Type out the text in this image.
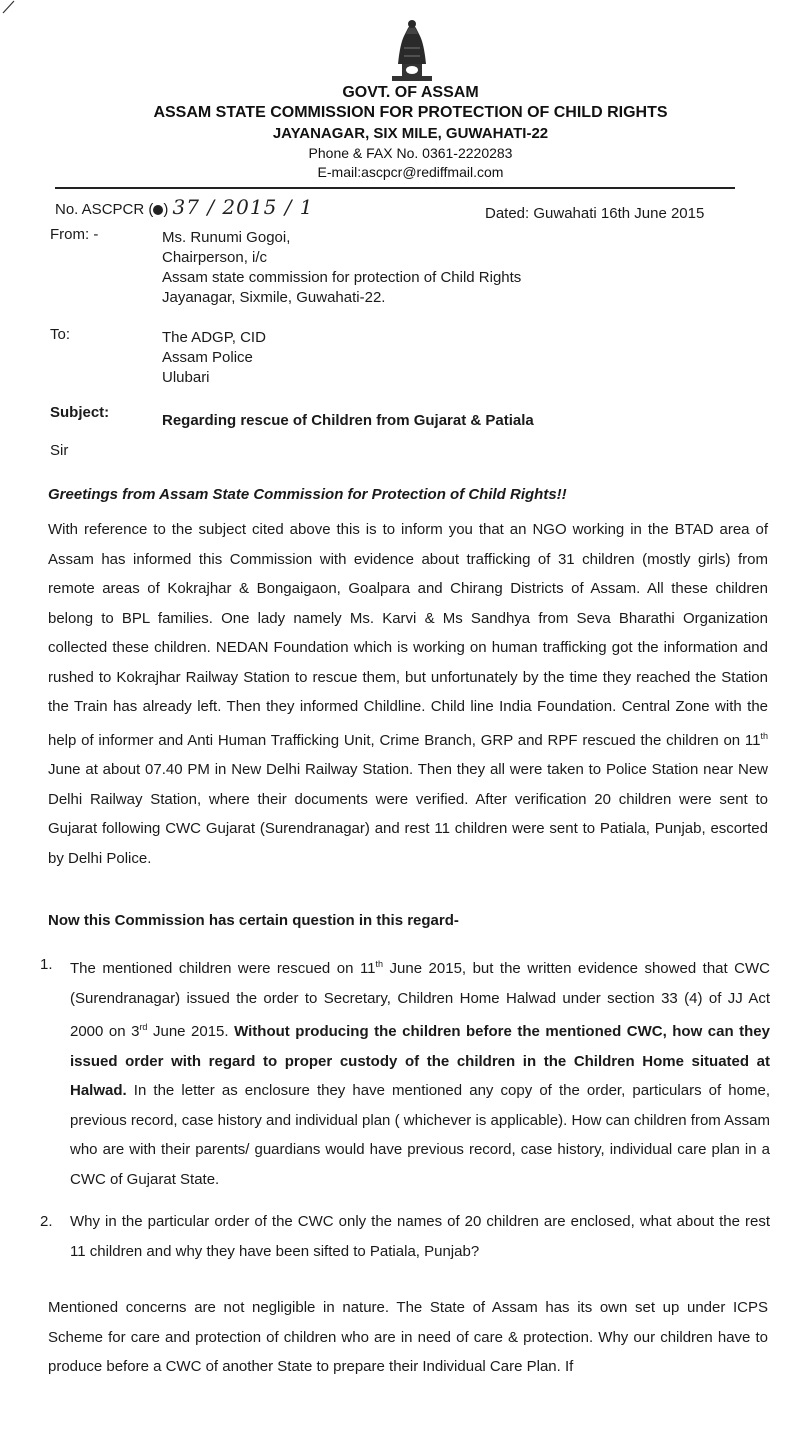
GOVT. OF ASSAM
ASSAM STATE COMMISSION FOR PROTECTION OF CHILD RIGHTS
JAYANAGAR, SIX MILE, GUWAHATI-22
Phone & FAX No. 0361-2220283
E-mail:ascpcr@rediffmail.com
No. ASCPCR ( ) 37 / 2015 / 1	Dated: Guwahati 16th June 2015
From: -	Ms. Runumi Gogoi,
Chairperson, i/c
Assam state commission for protection of Child Rights
Jayanagar, Sixmile, Guwahati-22.
To:	The ADGP, CID
Assam Police
Ulubari
Subject:	Regarding rescue of Children from Gujarat & Patiala
Sir
Greetings from Assam State Commission for Protection of Child Rights!!

With reference to the subject cited above this is to inform you that an NGO working in the BTAD area of Assam has informed this Commission with evidence about trafficking of 31 children (mostly girls) from remote areas of Kokrajhar & Bongaigaon, Goalpara and Chirang Districts of Assam. All these children belong to BPL families. One lady namely Ms. Karvi & Ms Sandhya from Seva Bharathi Organization collected these children. NEDAN Foundation which is working on human trafficking got the information and rushed to Kokrajhar Railway Station to rescue them, but unfortunately by the time they reached the Station the Train has already left. Then they informed Childline. Child line India Foundation. Central Zone with the help of informer and Anti Human Trafficking Unit, Crime Branch, GRP and RPF rescued the children on 11th June at about 07.40 PM in New Delhi Railway Station. Then they all were taken to Police Station near New Delhi Railway Station, where their documents were verified. After verification 20 children were sent to Gujarat following CWC Gujarat (Surendranagar) and rest 11 children were sent to Patiala, Punjab, escorted by Delhi Police.

Now this Commission has certain question in this regard-
1. The mentioned children were rescued on 11th June 2015, but the written evidence showed that CWC (Surendranagar) issued the order to Secretary, Children Home Halwad under section 33 (4) of JJ Act 2000 on 3rd June 2015. Without producing the children before the mentioned CWC, how can they issued order with regard to proper custody of the children in the Children Home situated at Halwad. In the letter as enclosure they have mentioned any copy of the order, particulars of home, previous record, case history and individual plan ( whichever is applicable). How can children from Assam who are with their parents/ guardians would have previous record, case history, individual care plan in a CWC of Gujarat State.
2. Why in the particular order of the CWC only the names of 20 children are enclosed, what about the rest 11 children and why they have been sifted to Patiala, Punjab?

Mentioned concerns are not negligible in nature. The State of Assam has its own set up under ICPS Scheme for care and protection of children who are in need of care & protection. Why our children have to produce before a CWC of another State to prepare their Individual Care Plan. If
